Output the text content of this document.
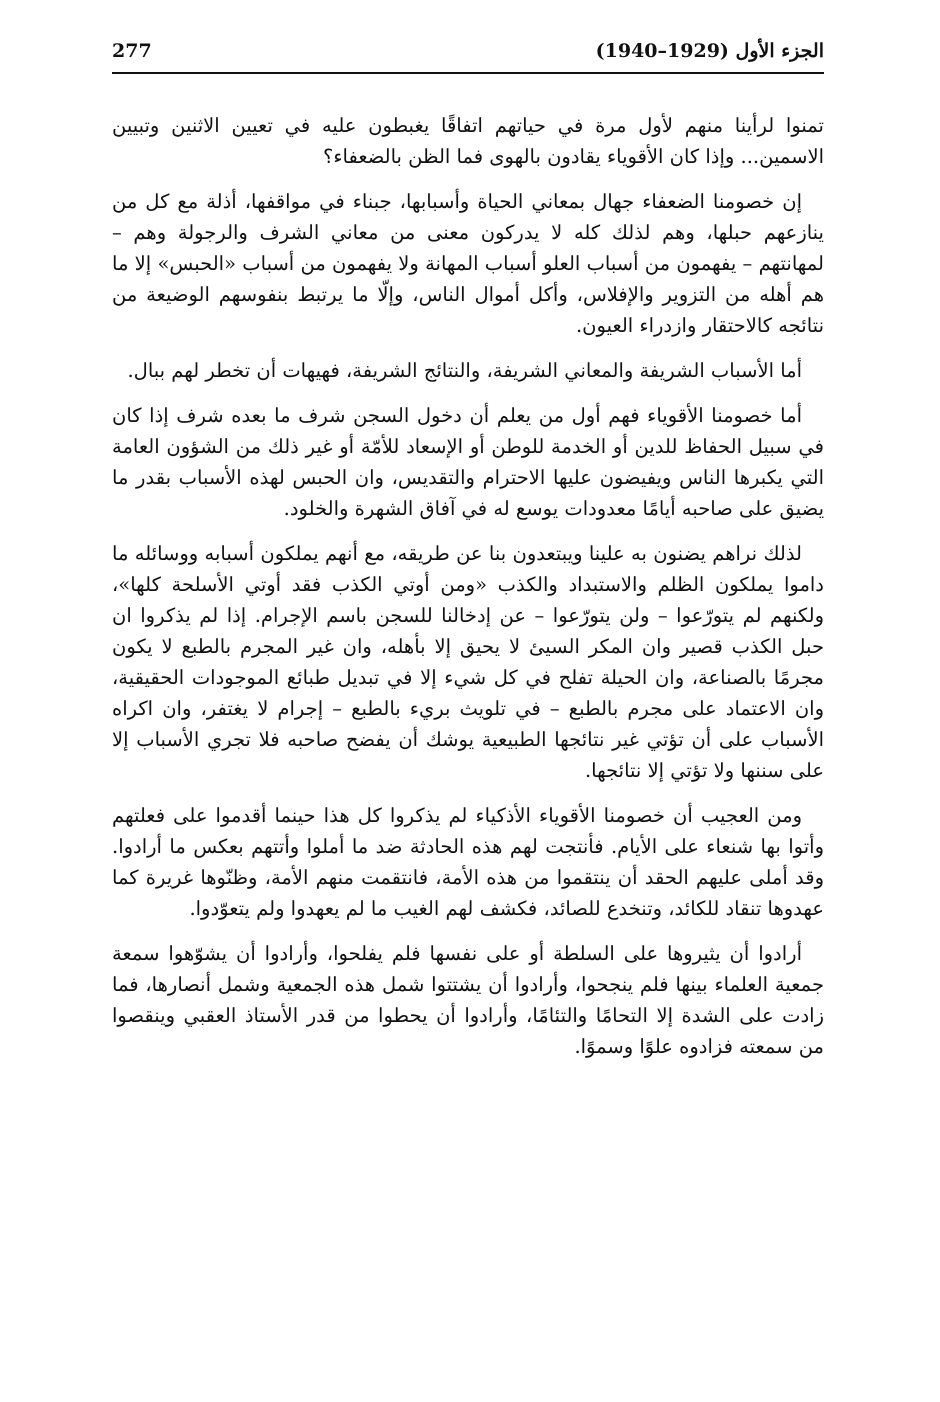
277	الجزء الأول (1929–1940)

تمنوا لرأينا منهم لأول مرة في حياتهم اتفاقًا يغبطون عليه في تعيين الاثنين وتبيين الاسمين... وإذا كان الأقوياء يقادون بالهوى فما الظن بالضعفاء؟

إن خصومنا الضعفاء جهال بمعاني الحياة وأسبابها، جبناء في مواقفها، أذلة مع كل من ينازعهم حبلها، وهم لذلك كله لا يدركون معنى من معاني الشرف والرجولة وهم – لمهانتهم – يفهمون من أسباب العلو أسباب المهانة ولا يفهمون من أسباب «الحبس» إلا ما هم أهله من التزوير والإفلاس، وأكل أموال الناس، وإلّا ما يرتبط بنفوسهم الوضيعة من نتائجه كالاحتقار وازدراء العيون.

أما الأسباب الشريفة والمعاني الشريفة، والنتائج الشريفة، فهيهات أن تخطر لهم ببال.

أما خصومنا الأقوياء فهم أول من يعلم أن دخول السجن شرف ما بعده شرف إذا كان في سبيل الحفاظ للدين أو الخدمة للوطن أو الإسعاد للأمّة أو غير ذلك من الشؤون العامة التي يكبرها الناس ويفيضون عليها الاحترام والتقديس، وان الحبس لهذه الأسباب بقدر ما يضيق على صاحبه أيامًا معدودات يوسع له في آفاق الشهرة والخلود.

لذلك نراهم يضنون به علينا ويبتعدون بنا عن طريقه، مع أنهم يملكون أسبابه ووسائله ما داموا يملكون الظلم والاستبداد والكذب «ومن أوتي الكذب فقد أوتي الأسلحة كلها»، ولكنهم لم يتورّعوا – ولن يتورّعوا – عن إدخالنا للسجن باسم الإجرام. إذا لم يذكروا ان حبل الكذب قصير وان المكر السيئ لا يحيق إلا بأهله، وان غير المجرم بالطبع لا يكون مجرمًا بالصناعة، وان الحيلة تفلح في كل شيء إلا في تبديل طبائع الموجودات الحقيقية، وان الاعتماد على مجرم بالطبع – في تلويث بريء بالطبع – إجرام لا يغتفر، وان اكراه الأسباب على أن تؤتي غير نتائجها الطبيعية يوشك أن يفضح صاحبه فلا تجري الأسباب إلا على سننها ولا تؤتي إلا نتائجها.

ومن العجيب أن خصومنا الأقوياء الأذكياء لم يذكروا كل هذا حينما أقدموا على فعلتهم وأتوا بها شنعاء على الأيام. فأنتجت لهم هذه الحادثة ضد ما أملوا وأتتهم بعكس ما أرادوا. وقد أملى عليهم الحقد أن ينتقموا من هذه الأمة، فانتقمت منهم الأمة، وظنّوها غريرة كما عهدوها تنقاد للكائد، وتنخدع للصائد، فكشف لهم الغيب ما لم يعهدوا ولم يتعوّدوا.

أرادوا أن يثيروها على السلطة أو على نفسها فلم يفلحوا، وأرادوا أن يشوّهوا سمعة جمعية العلماء بينها فلم ينجحوا، وأرادوا أن يشتتوا شمل هذه الجمعية وشمل أنصارها، فما زادت على الشدة إلا التحامًا والتئامًا، وأرادوا أن يحطوا من قدر الأستاذ العقبي وينقصوا من سمعته فزادوه علوًا وسموًا.
